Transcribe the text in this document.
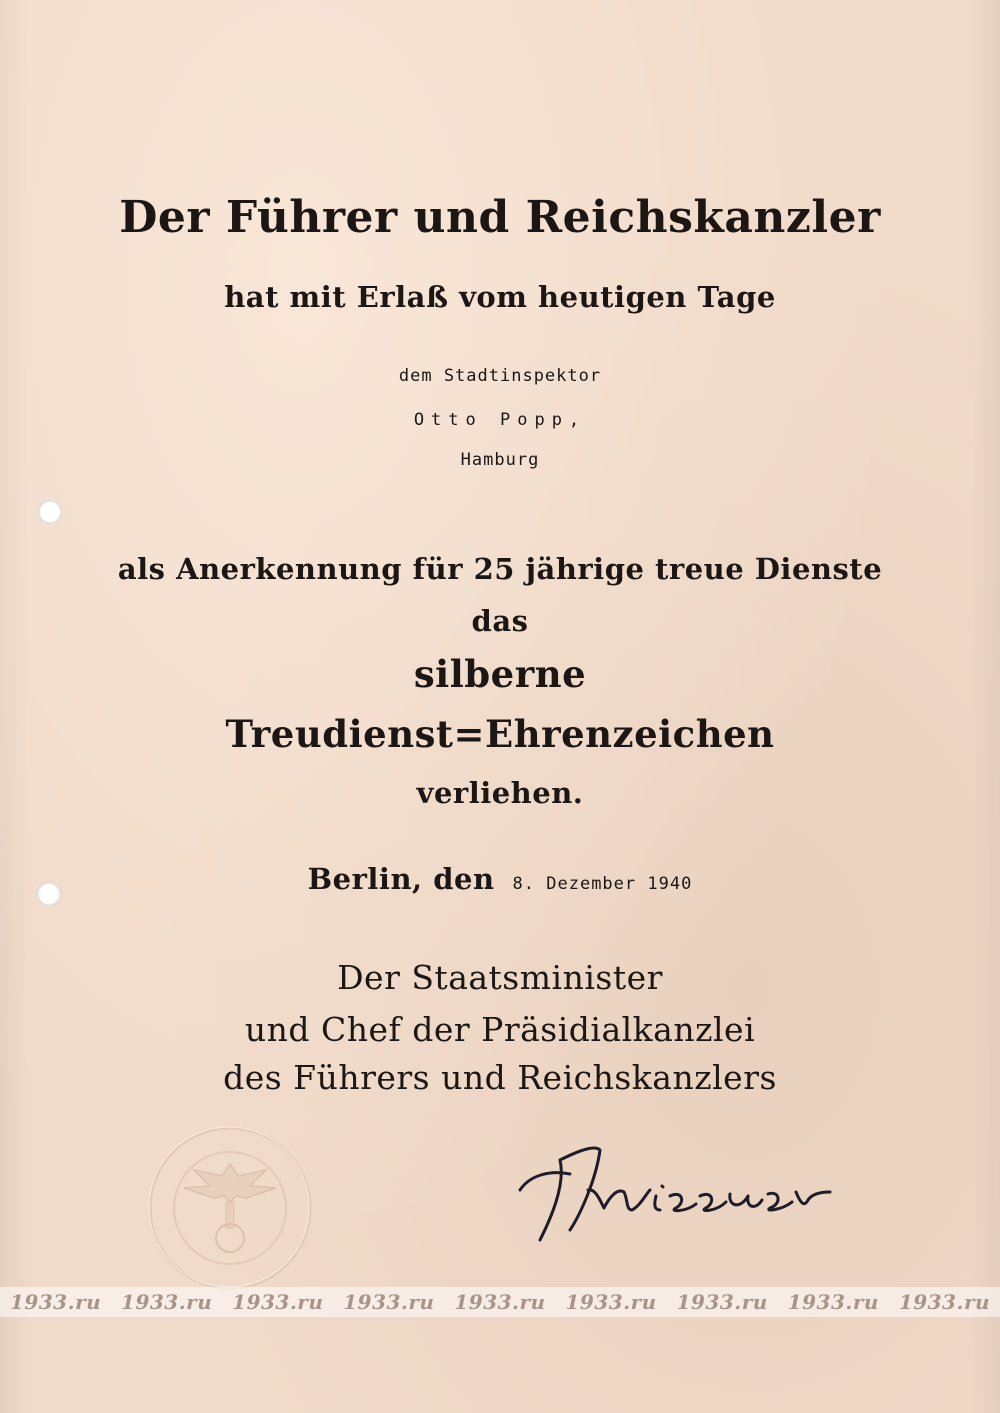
Der Führer und Reichskanzler
hat mit Erlaß vom heutigen Tage
dem Stadtinspektor
Otto Popp,
Hamburg
als Anerkennung für 25 jährige treue Dienste
das
silberne
Treudienst=Ehrenzeichen
verliehen.
Berlin, den 8. Dezember 1940
Der Staatsminister
und Chef der Präsidialkanzlei
des Führers und Reichskanzlers
1933.ru 1933.ru 1933.ru 1933.ru 1933.ru 1933.ru 1933.ru 1933.ru 1933.ru
